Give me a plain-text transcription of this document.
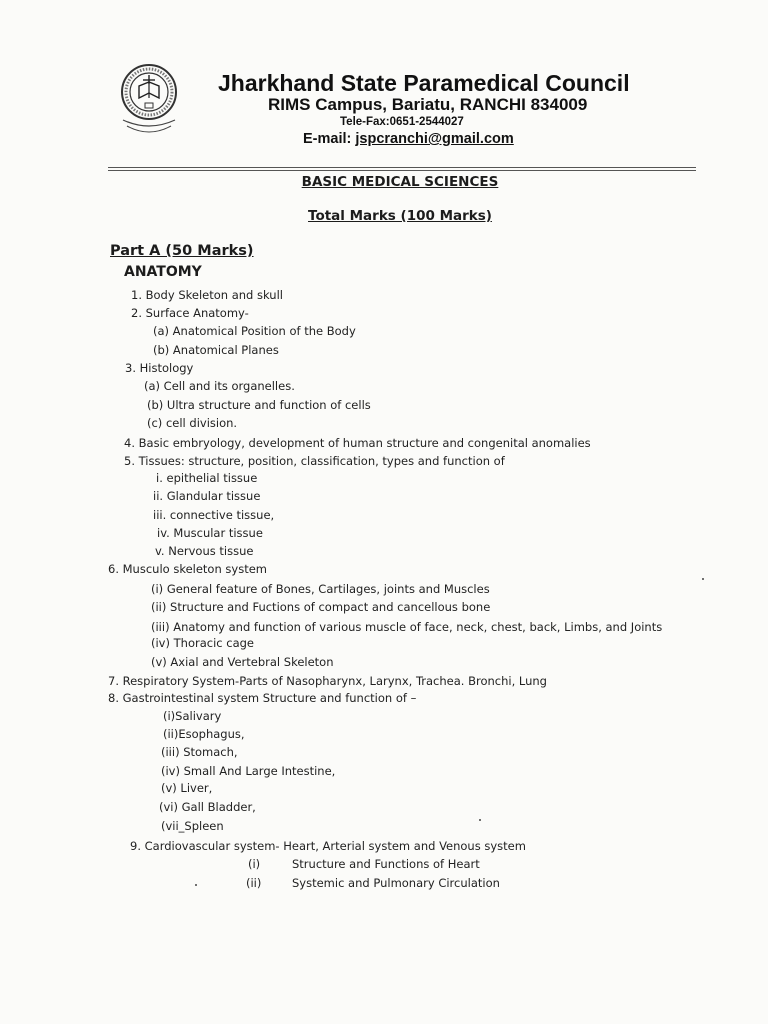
Jharkhand State Paramedical Council
RIMS Campus, Bariatu, RANCHI 834009
Tele-Fax:0651-2544027
E-mail: jspcranchi@gmail.com
BASIC MEDICAL SCIENCES
Total Marks (100 Marks)
Part A (50 Marks)
ANATOMY
1. Body Skeleton and skull
2. Surface Anatomy-
(a) Anatomical Position of the Body
(b) Anatomical Planes
3. Histology
(a) Cell and its organelles.
(b) Ultra structure and function of cells
(c) cell division.
4. Basic embryology, development of human structure and congenital anomalies
5. Tissues: structure, position, classification, types and function of
i. epithelial tissue
ii. Glandular tissue
iii. connective tissue,
iv. Muscular tissue
v. Nervous tissue
6. Musculo skeleton system
(i) General feature of Bones, Cartilages, joints and Muscles
(ii) Structure and Fuctions of compact and cancellous bone
(iii) Anatomy and function of various muscle of face, neck, chest, back, Limbs, and Joints
(iv) Thoracic cage
(v) Axial and Vertebral Skeleton
7. Respiratory System-Parts of Nasopharynx, Larynx, Trachea. Bronchi, Lung
8. Gastrointestinal system Structure and function of –
(i)Salivary
(ii)Esophagus,
(iii) Stomach,
(iv) Small And Large Intestine,
(v) Liver,
(vi) Gall Bladder,
(vii_Spleen
9. Cardiovascular system- Heart, Arterial system and Venous system
(i)	Structure and Functions of Heart
(ii)	Systemic and Pulmonary Circulation
